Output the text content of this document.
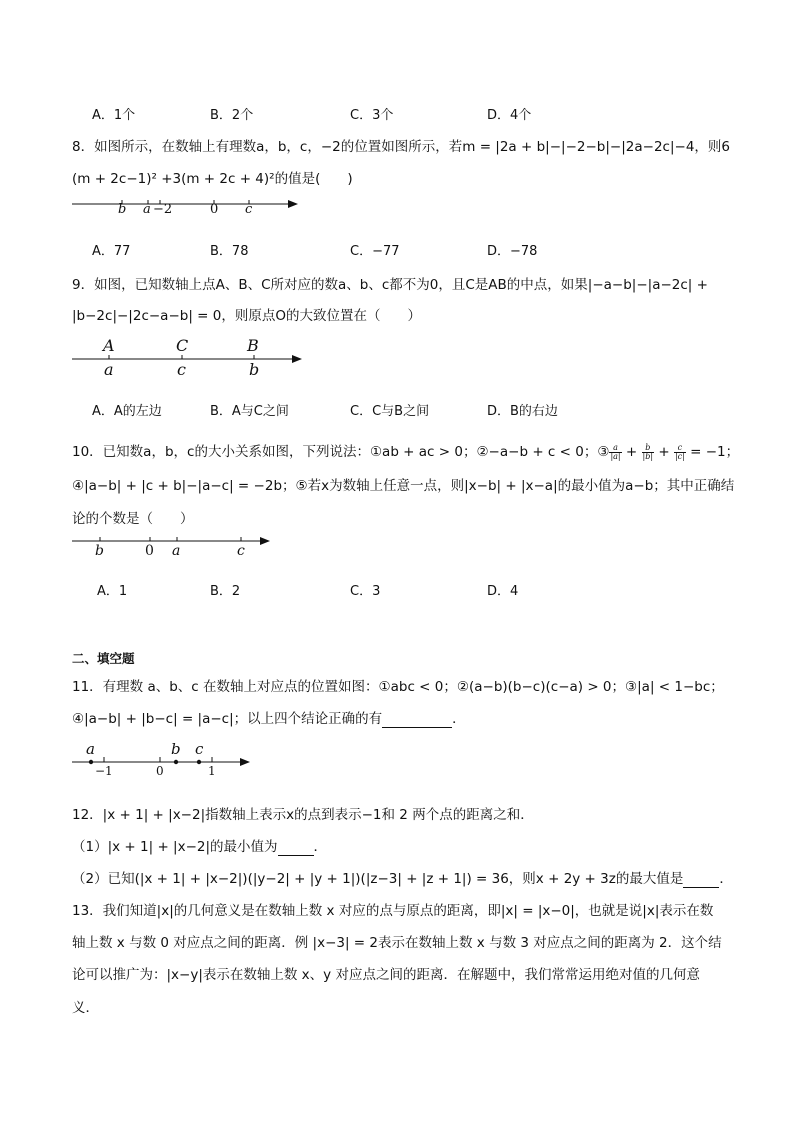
A．1个	B．2个	C．3个	D．4个
8．如图所示，在数轴上有理数a，b，c，−2的位置如图所示，若m = |2a + b|−|−2−b|−|2a−2c|−4，则6
(m + 2c−1)² +3(m + 2c + 4)²的值是(　　)
b a −2	0 c
A．77	B．78	C．−77	D．−78
9．如图，已知数轴上点A、B、C所对应的数a、b、c都不为0，且C是AB的中点，如果|−a−b|−|a−2c| +
|b−2c|−|2c−a−b| = 0，则原点O的大致位置在（　　）
A	C	B
a	c	b
A．A的左边	B．A与C之间	C．C与B之间	D．B的右边
10．已知数a，b，c的大小关系如图，下列说法：①ab + ac > 0；②−a−b + c < 0；③ $\frac{a}{|a|} + \frac{b}{|b|} + \frac{c}{|c|} = -1$；
④|a−b| + |c + b|−|a−c| = −2b；⑤若x为数轴上任意一点，则|x−b| + |x−a|的最小值为a−b；其中正确结
论的个数是（　　）
b	0 a	c
A．1	B．2	C．3	D．4
二、填空题
11．有理数 a、b、c 在数轴上对应点的位置如图：①abc < 0；②(a−b)(b−c)(c−a) > 0；③|a| < 1−bc；
④|a−b| + |b−c| = |a−c|；以上四个结论正确的有	．
a	b c
−1	0	1
12．|x + 1| + |x−2|指数轴上表示x的点到表示−1和 2 两个点的距离之和．
（1）|x + 1| + |x−2|的最小值为	．
（2）已知(|x + 1| + |x−2|)(|y−2| + |y + 1|)(|z−3| + |z + 1|) = 36，则x + 2y + 3z的最大值是	．
13．我们知道|x|的几何意义是在数轴上数 x 对应的点与原点的距离，即|x| = |x−0|，也就是说|x|表示在数
轴上数 x 与数 0 对应点之间的距离．例 |x−3| = 2表示在数轴上数 x 与数 3 对应点之间的距离为 2．这个结
论可以推广为：|x−y|表示在数轴上数 x、y 对应点之间的距离．在解题中，我们常常运用绝对值的几何意
义．
